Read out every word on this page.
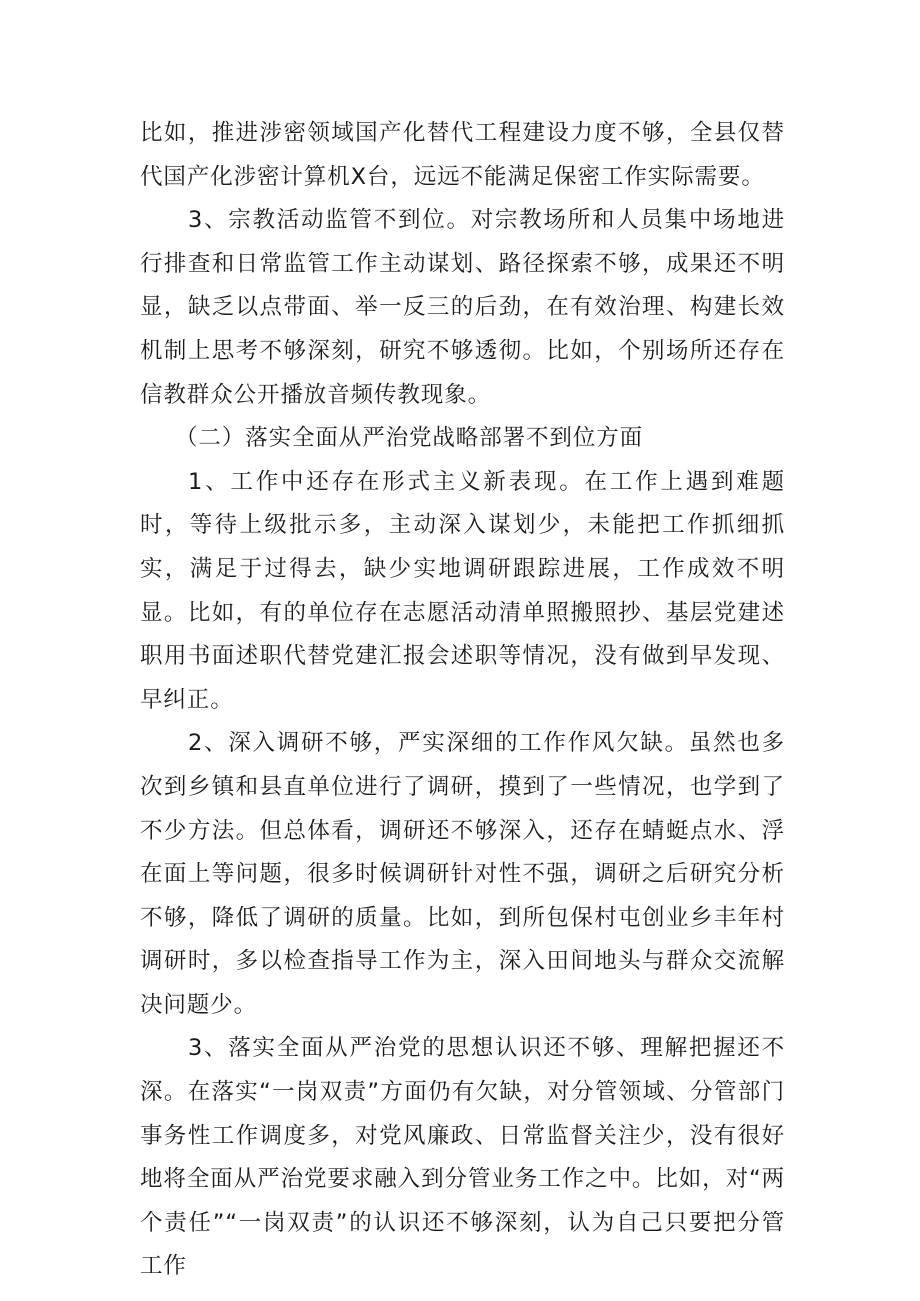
比如，推进涉密领域国产化替代工程建设力度不够，全县仅替代国产化涉密计算机X台，远远不能满足保密工作实际需要。

3、宗教活动监管不到位。对宗教场所和人员集中场地进行排查和日常监管工作主动谋划、路径探索不够，成果还不明显，缺乏以点带面、举一反三的后劲，在有效治理、构建长效机制上思考不够深刻，研究不够透彻。比如，个别场所还存在信教群众公开播放音频传教现象。

（二）落实全面从严治党战略部署不到位方面

1、工作中还存在形式主义新表现。在工作上遇到难题时，等待上级批示多，主动深入谋划少，未能把工作抓细抓实，满足于过得去，缺少实地调研跟踪进展，工作成效不明显。比如，有的单位存在志愿活动清单照搬照抄、基层党建述职用书面述职代替党建汇报会述职等情况，没有做到早发现、早纠正。

2、深入调研不够，严实深细的工作作风欠缺。虽然也多次到乡镇和县直单位进行了调研，摸到了一些情况，也学到了不少方法。但总体看，调研还不够深入，还存在蜻蜓点水、浮在面上等问题，很多时候调研针对性不强，调研之后研究分析不够，降低了调研的质量。比如，到所包保村屯创业乡丰年村调研时，多以检查指导工作为主，深入田间地头与群众交流解决问题少。

3、落实全面从严治党的思想认识还不够、理解把握还不深。在落实“一岗双责”方面仍有欠缺，对分管领域、分管部门事务性工作调度多，对党风廉政、日常监督关注少，没有很好地将全面从严治党要求融入到分管业务工作之中。比如，对“两个责任”“一岗双责”的认识还不够深刻，认为自己只要把分管工作
